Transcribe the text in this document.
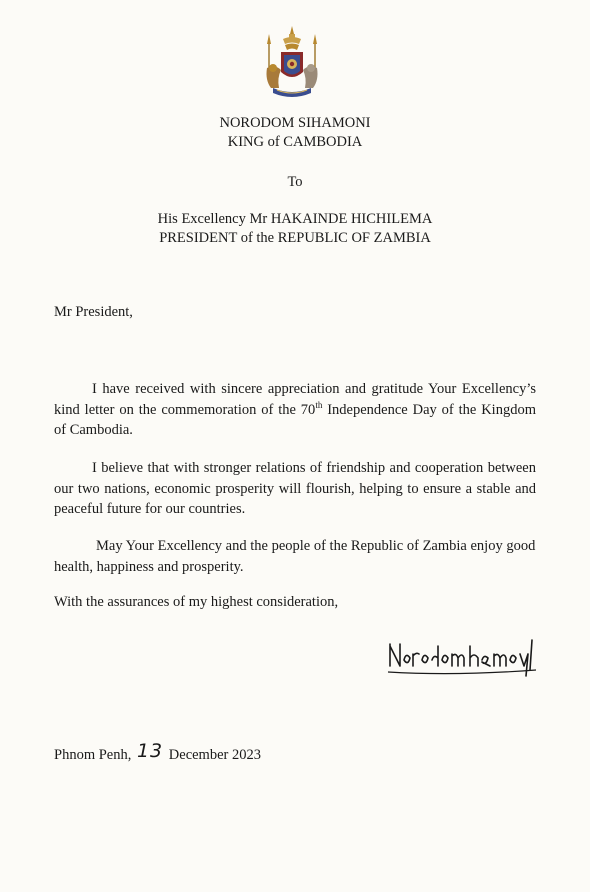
NORODOM SIHAMONI
KING of CAMBODIA
To
His Excellency Mr HAKAINDE HICHILEMA
PRESIDENT of the REPUBLIC OF ZAMBIA
Mr President,
I have received with sincere appreciation and gratitude Your Excellency’s kind letter on the commemoration of the 70th Independence Day of the Kingdom of Cambodia.
I believe that with stronger relations of friendship and cooperation between our two nations, economic prosperity will flourish, helping to ensure a stable and peaceful future for our countries.
May Your Excellency and the people of the Republic of Zambia enjoy good health, happiness and prosperity.
With the assurances of my highest consideration,
Phnom Penh, 13 December 2023
